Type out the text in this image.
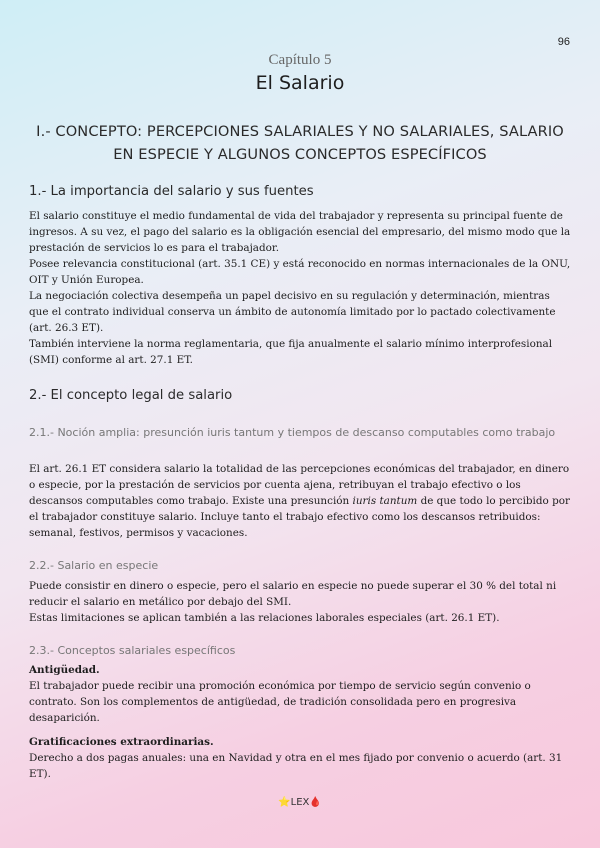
96
Capítulo 5
El Salario
I.- CONCEPTO: PERCEPCIONES SALARIALES Y NO SALARIALES, SALARIO EN ESPECIE Y ALGUNOS CONCEPTOS ESPECÍFICOS
1.- La importancia del salario y sus fuentes

El salario constituye el medio fundamental de vida del trabajador y representa su principal fuente de ingresos. A su vez, el pago del salario es la obligación esencial del empresario, del mismo modo que la prestación de servicios lo es para el trabajador.

Posee relevancia constitucional (art. 35.1 CE) y está reconocido en normas internacionales de la ONU, OIT y Unión Europea.

La negociación colectiva desempeña un papel decisivo en su regulación y determinación, mientras que el contrato individual conserva un ámbito de autonomía limitado por lo pactado colectivamente (art. 26.3 ET).

También interviene la norma reglamentaria, que fija anualmente el salario mínimo interprofesional (SMI) conforme al art. 27.1 ET.

2.- El concepto legal de salario
2.1.- Noción amplia: presunción iuris tantum y tiempos de descanso computables como trabajo

El art. 26.1 ET considera salario la totalidad de las percepciones económicas del trabajador, en dinero o especie, por la prestación de servicios por cuenta ajena, retribuyan el trabajo efectivo o los descansos computables como trabajo. Existe una presunción iuris tantum de que todo lo percibido por el trabajador constituye salario. Incluye tanto el trabajo efectivo como los descansos retribuidos: semanal, festivos, permisos y vacaciones.

2.2.- Salario en especie

Puede consistir en dinero o especie, pero el salario en especie no puede superar el 30 % del total ni reducir el salario en metálico por debajo del SMI.

Estas limitaciones se aplican también a las relaciones laborales especiales (art. 26.1 ET).

2.3.- Conceptos salariales específicos

Antigüedad.

El trabajador puede recibir una promoción económica por tiempo de servicio según convenio o contrato. Son los complementos de antigüedad, de tradición consolidada pero en progresiva desaparición.

Gratificaciones extraordinarias.

Derecho a dos pagas anuales: una en Navidad y otra en el mes fijado por convenio o acuerdo (art. 31 ET).

⭐LEX🩸
